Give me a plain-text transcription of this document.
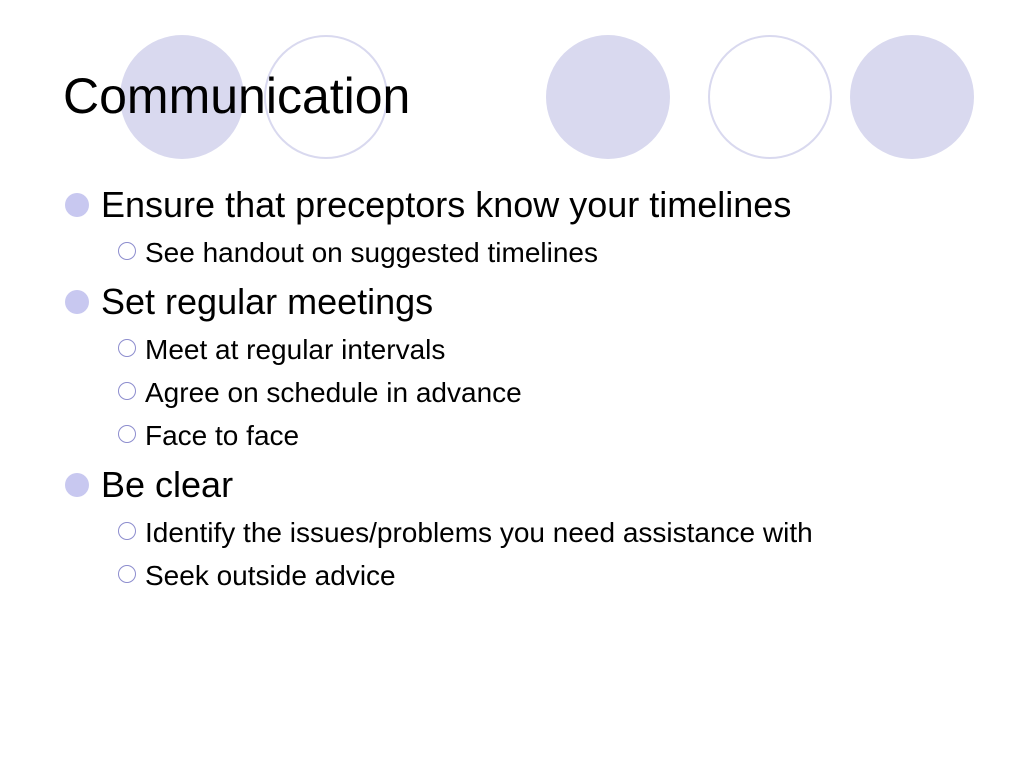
Communication
Ensure that preceptors know your timelines
See handout on suggested timelines
Set regular meetings
Meet at regular intervals
Agree on schedule in advance
Face to face
Be clear
Identify the issues/problems you need assistance with
Seek outside advice
